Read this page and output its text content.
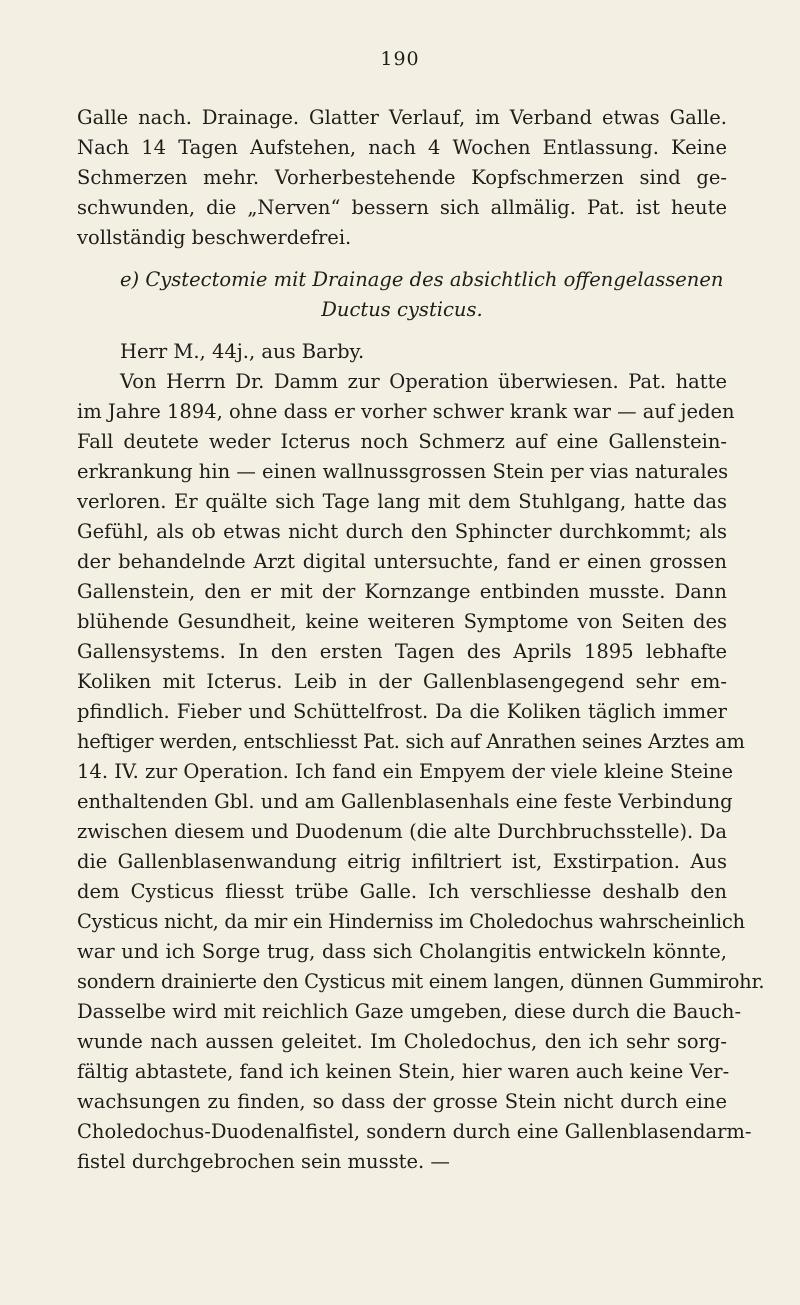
190
Galle nach. Drainage. Glatter Verlauf, im Verband etwas Galle.
Nach 14 Tagen Aufstehen, nach 4 Wochen Entlassung. Keine
Schmerzen mehr. Vorherbestehende Kopfschmerzen sind ge-
schwunden, die „Nerven“ bessern sich allmälig. Pat. ist heute
vollständig beschwerdefrei.
e) Cystectomie mit Drainage des absichtlich offengelassenen
Ductus cysticus.
Herr M., 44j., aus Barby.
Von Herrn Dr. Damm zur Operation überwiesen. Pat. hatte
im Jahre 1894, ohne dass er vorher schwer krank war — auf jeden
Fall deutete weder Icterus noch Schmerz auf eine Gallenstein-
erkrankung hin — einen wallnussgrossen Stein per vias naturales
verloren. Er quälte sich Tage lang mit dem Stuhlgang, hatte das
Gefühl, als ob etwas nicht durch den Sphincter durchkommt; als
der behandelnde Arzt digital untersuchte, fand er einen grossen
Gallenstein, den er mit der Kornzange entbinden musste. Dann
blühende Gesundheit, keine weiteren Symptome von Seiten des
Gallensystems. In den ersten Tagen des Aprils 1895 lebhafte
Koliken mit Icterus. Leib in der Gallenblasengegend sehr em-
pfindlich. Fieber und Schüttelfrost. Da die Koliken täglich immer
heftiger werden, entschliesst Pat. sich auf Anrathen seines Arztes am
14. IV. zur Operation. Ich fand ein Empyem der viele kleine Steine
enthaltenden Gbl. und am Gallenblasenhals eine feste Verbindung
zwischen diesem und Duodenum (die alte Durchbruchsstelle). Da
die Gallenblasenwandung eitrig infiltriert ist, Exstirpation. Aus
dem Cysticus fliesst trübe Galle. Ich verschliesse deshalb den
Cysticus nicht, da mir ein Hinderniss im Choledochus wahrscheinlich
war und ich Sorge trug, dass sich Cholangitis entwickeln könnte,
sondern drainierte den Cysticus mit einem langen, dünnen Gummirohr.
Dasselbe wird mit reichlich Gaze umgeben, diese durch die Bauch-
wunde nach aussen geleitet. Im Choledochus, den ich sehr sorg-
fältig abtastete, fand ich keinen Stein, hier waren auch keine Ver-
wachsungen zu finden, so dass der grosse Stein nicht durch eine
Choledochus-Duodenalfistel, sondern durch eine Gallenblasendarm-
fistel durchgebrochen sein musste. —
